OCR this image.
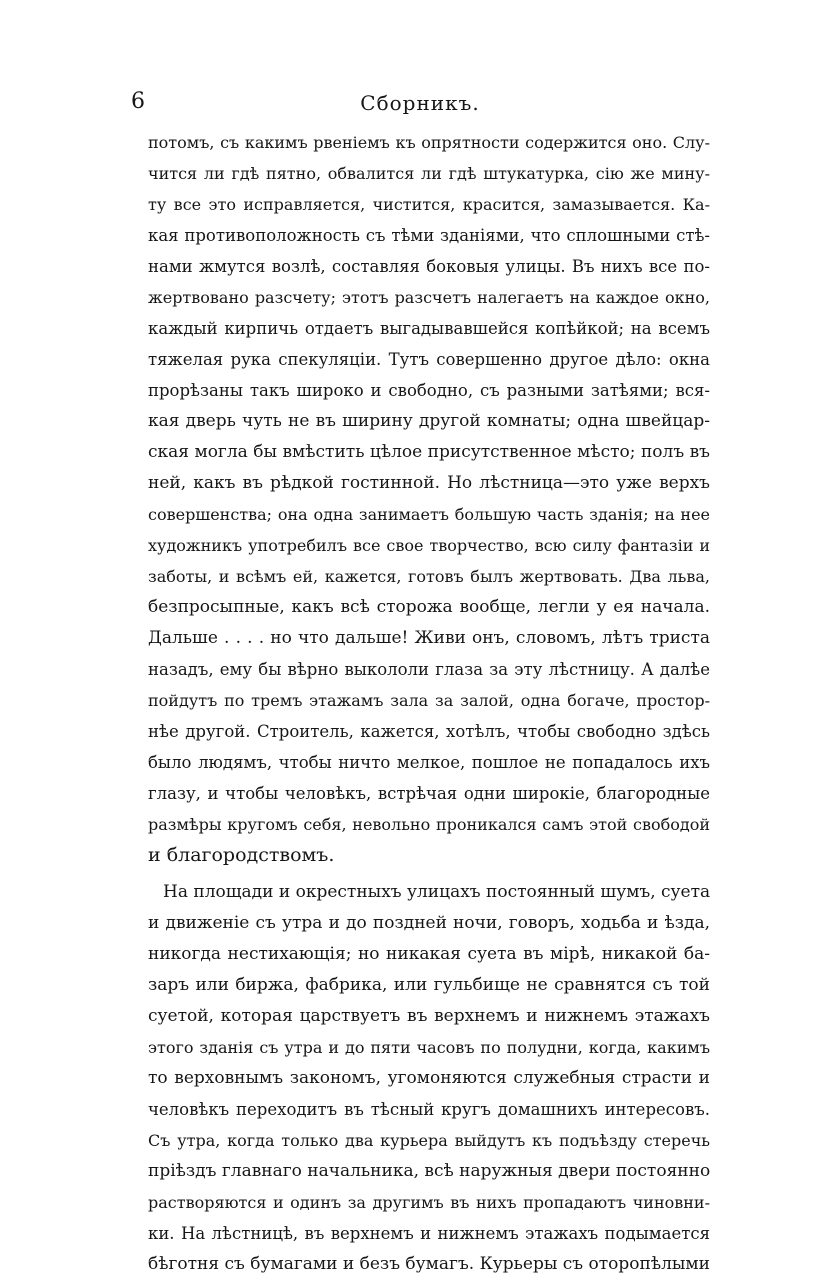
6	Сборникъ.
потомъ, съ какимъ рвеніемъ къ опрятности содержится оно. Слу-
чится ли гдѣ пятно, обвалится ли гдѣ штукатурка, сію же мину-
ту все это исправляется, чистится, красится, замазывается. Ка-
кая противоположность съ тѣми зданіями, что сплошными стѣ-
нами жмутся возлѣ, составляя боковыя улицы. Въ нихъ все по-
жертвовано разсчету; этотъ разсчетъ налегаетъ на каждое окно,
каждый кирпичь отдаетъ выгадывавшейся копѣйкой; на всемъ
тяжелая рука спекуляціи. Тутъ совершенно другое дѣло: окна
прорѣзаны такъ широко и свободно, съ разными затѣями; вся-
кая дверь чуть не въ ширину другой комнаты; одна швейцар-
ская могла бы вмѣстить цѣлое присутственное мѣсто; полъ въ
ней, какъ въ рѣдкой гостинной. Но лѣстница—это уже верхъ
совершенства; она одна занимаетъ большую часть зданія; на нее
художникъ употребилъ все свое творчество, всю силу фантазіи и
заботы, и всѣмъ ей, кажется, готовъ былъ жертвовать. Два льва,
безпросыпные, какъ всѣ сторожа вообще, легли у ея начала.
Дальше . . . . но что дальше! Живи онъ, словомъ, лѣтъ триста
назадъ, ему бы вѣрно выкололи глаза за эту лѣстницу. А далѣе
пойдутъ по тремъ этажамъ зала за залой, одна богаче, простор-
нѣе другой. Строитель, кажется, хотѣлъ, чтобы свободно здѣсь
было людямъ, чтобы ничто мелкое, пошлое не попадалось ихъ
глазу, и чтобы человѣкъ, встрѣчая одни широкіе, благородные
размѣры кругомъ себя, невольно проникался самъ этой свободой
и благородствомъ.
На площади и окрестныхъ улицахъ постоянный шумъ, суета
и движеніе съ утра и до поздней ночи, говоръ, ходьба и ѣзда,
никогда нестихающія; но никакая суета въ мірѣ, никакой ба-
заръ или биржа, фабрика, или гульбище не сравнятся съ той
суетой, которая царствуетъ въ верхнемъ и нижнемъ этажахъ
этого зданія съ утра и до пяти часовъ по полудни, когда, какимъ
то верховнымъ закономъ, угомоняются служебныя страсти и
человѣкъ переходитъ въ тѣсный кругъ домашнихъ интересовъ.
Съ утра, когда только два курьера выйдутъ къ подъѣзду стеречь
пріѣздъ главнаго начальника, всѣ наружныя двери постоянно
растворяются и одинъ за другимъ въ нихъ пропадаютъ чиновни-
ки. На лѣстницѣ, въ верхнемъ и нижнемъ этажахъ подымается
бѣготня съ бумагами и безъ бумагъ. Курьеры съ оторопѣлыми
